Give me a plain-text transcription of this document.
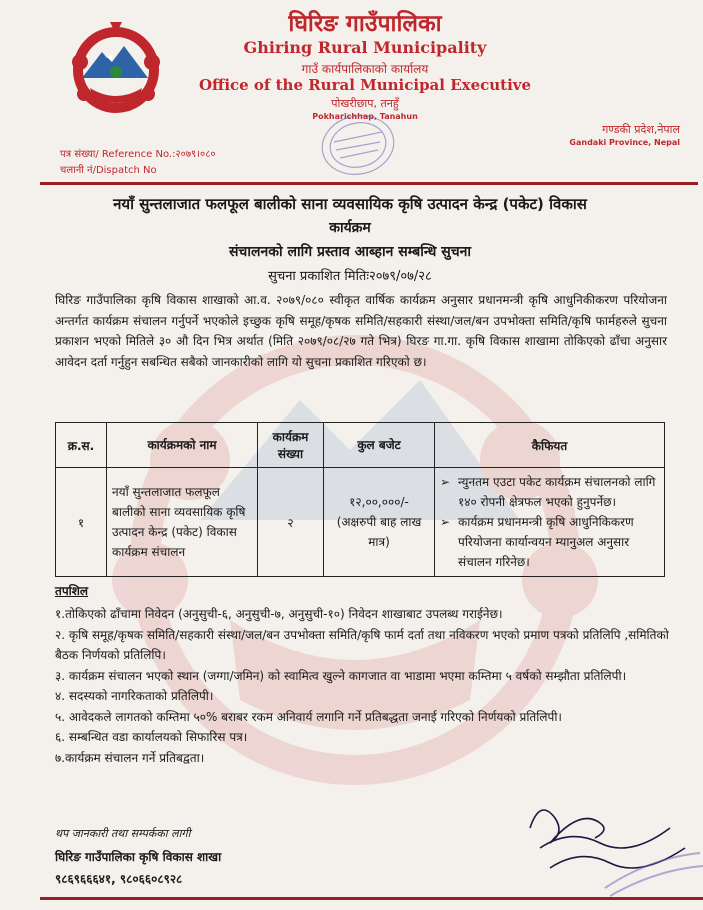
घिरिङ गाउँपालिका
Ghiring Rural Municipality
गाउँ कार्यपालिकाको कार्यालय
Office of the Rural Municipal Executive
पोखरीछाप, तनहुँ
Pokharichhap, Tanahun
गण्डकी प्रदेश,नेपाल
Gandaki Province, Nepal
पत्र संख्या/ Reference No.:२०७९।०८०
चलानी नं/Dispatch No
नयाँ सुन्तलाजात फलफूल बालीको साना व्यवसायिक कृषि उत्पादन केन्द्र (पकेट) विकास
कार्यक्रम
संचालनको लागि प्रस्ताव आब्हान सम्बन्धि सुचना
सुचना प्रकाशित मितिः२०७९/०७/२८
घिरिङ गाउँपालिका कृषि विकास शाखाको आ.व. २०७९/०८० स्वीकृत वार्षिक कार्यक्रम अनुसार प्रधानमन्त्री कृषि आधुनिकीकरण परियोजना अन्तर्गत कार्यक्रम संचालन गर्नुपर्ने भएकोले इच्छुक कृषि समूह/कृषक समिति/सहकारी संस्था/जल/बन उपभोक्ता समिति/कृषि फार्महरुले सुचना प्रकाशन भएको मितिले ३० औ दिन भित्र अर्थात (मिति २०७९/०८/२७ गते भित्र) घिरङ गा.गा. कृषि विकास शाखामा तोकिएको ढाँचा अनुसार आवेदन दर्ता गर्नुहुन सबन्धित सबैको जानकारीको लागि यो सुचना प्रकाशित गरिएको छ।
क्र.स.	कार्यक्रमको नाम	कार्यक्रम संख्या	कुल बजेट	कैफियत
१	नयाँ सुन्तलाजात फलफूल बालीको साना व्यवसायिक कृषि उत्पादन केन्द्र (पकेट) विकास कार्यक्रम संचालन	२	१२,००,०००/- (अक्षरुपी बाह लाख मात्र)	➢ न्युनतम एउटा पकेट कार्यक्रम संचालनको लागि १४० रोपनी क्षेत्रफल भएको हुनुपर्नेछ।
➢ कार्यक्रम प्रधानमन्त्री कृषि आधुनिकिकरण परियोजना कार्यान्वयन म्यानुअल अनुसार संचालन गरिनेछ।
तपशिल
१.तोकिएको ढाँचामा निवेदन (अनुसुची-६, अनुसुची-७, अनुसुची-१०) निवेदन शाखाबाट उपलब्ध गराईनेछ।
२. कृषि समूह/कृषक समिति/सहकारी संस्था/जल/बन उपभोक्ता समिति/कृषि फार्म दर्ता तथा नविकरण भएको प्रमाण पत्रको प्रतिलिपि ,समितिको बैठक निर्णयको प्रतिलिपि।
३. कार्यक्रम संचालन भएको स्थान (जग्गा/जमिन) को स्वामित्व खुल्ने कागजात वा भाडामा भएमा कम्तिमा ५ वर्षको सम्झौता प्रतिलिपी।
४. सदस्यको नागरिकताको प्रतिलिपी।
५. आवेदकले लागतको कम्तिमा ५०% बराबर रकम अनिवार्य लगानि गर्ने प्रतिबद्धता जनाई गरिएको निर्णयको प्रतिलिपी।
६. सम्बन्धित वडा कार्यालयको सिफारिस पत्र।
७.कार्यक्रम संचालन गर्ने प्रतिबद्वता।
थप जानकारी तथा सम्पर्कका लागी
घिरिङ गाउँपालिका कृषि विकास शाखा
९८६९६६६४१, ९८०६६०८९२८
